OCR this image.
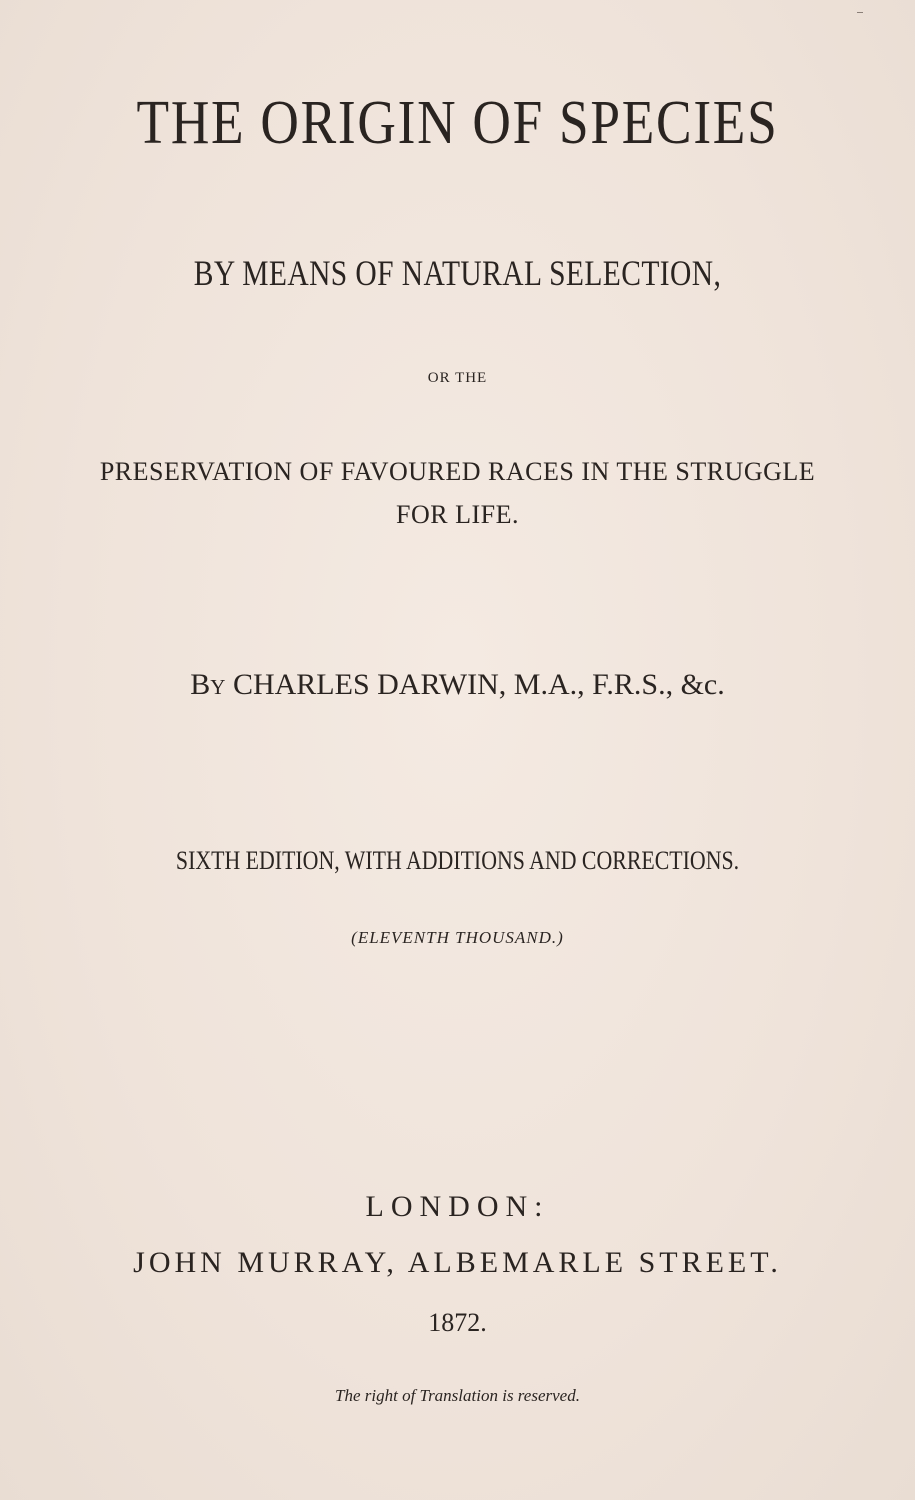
THE ORIGIN OF SPECIES
BY MEANS OF NATURAL SELECTION,
OR THE
PRESERVATION OF FAVOURED RACES IN THE STRUGGLE
FOR LIFE.
By CHARLES DARWIN, M.A., F.R.S., &c.
SIXTH EDITION, WITH ADDITIONS AND CORRECTIONS.
(ELEVENTH THOUSAND.)
LONDON:
JOHN MURRAY, ALBEMARLE STREET.
1872.
The right of Translation is reserved.
